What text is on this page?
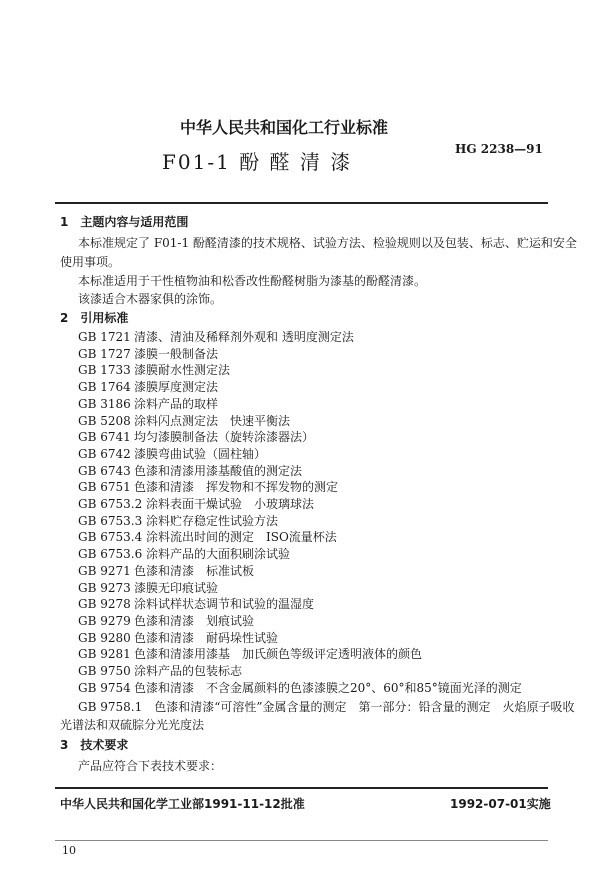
中华人民共和国化工行业标准
HG 2238—91
F01-1 酚 醛 清 漆
1　主题内容与适用范围
本标准规定了 F01-1 酚醛清漆的技术规格、试验方法、检验规则以及包装、标志、贮运和安全
使用事项。
本标准适用于干性植物油和松香改性酚醛树脂为漆基的酚醛清漆。
该漆适合木器家俱的涂饰。
2　引用标准
GB 1721 清漆、清油及稀释剂外观和 透明度测定法
GB 1727 漆膜一般制备法
GB 1733 漆膜耐水性测定法
GB 1764 漆膜厚度测定法
GB 3186 涂料产品的取样
GB 5208 涂料闪点测定法　快速平衡法
GB 6741 均匀漆膜制备法（旋转涂漆器法）
GB 6742 漆膜弯曲试验（圆柱轴）
GB 6743 色漆和清漆用漆基酸值的测定法
GB 6751 色漆和清漆　挥发物和不挥发物的测定
GB 6753.2 涂料表面干燥试验　小玻璃球法
GB 6753.3 涂料贮存稳定性试验方法
GB 6753.4 涂料流出时间的测定　ISO流量杯法
GB 6753.6 涂料产品的大面积刷涂试验
GB 9271 色漆和清漆　标准试板
GB 9273 漆膜无印痕试验
GB 9278 涂料试样状态调节和试验的温湿度
GB 9279 色漆和清漆　划痕试验
GB 9280 色漆和清漆　耐码垛性试验
GB 9281 色漆和清漆用漆基　加氏颜色等级评定透明液体的颜色
GB 9750 涂料产品的包装标志
GB 9754 色漆和清漆　不含金属颜料的色漆漆膜之20°、60°和85°镜面光泽的测定
GB 9758.1　色漆和清漆“可溶性”金属含量的测定　第一部分：铅含量的测定　火焰原子吸收
光谱法和双硫腙分光光度法
3　技术要求
产品应符合下表技术要求：
中华人民共和国化学工业部1991-11-12批准	1992-07-01实施
10
